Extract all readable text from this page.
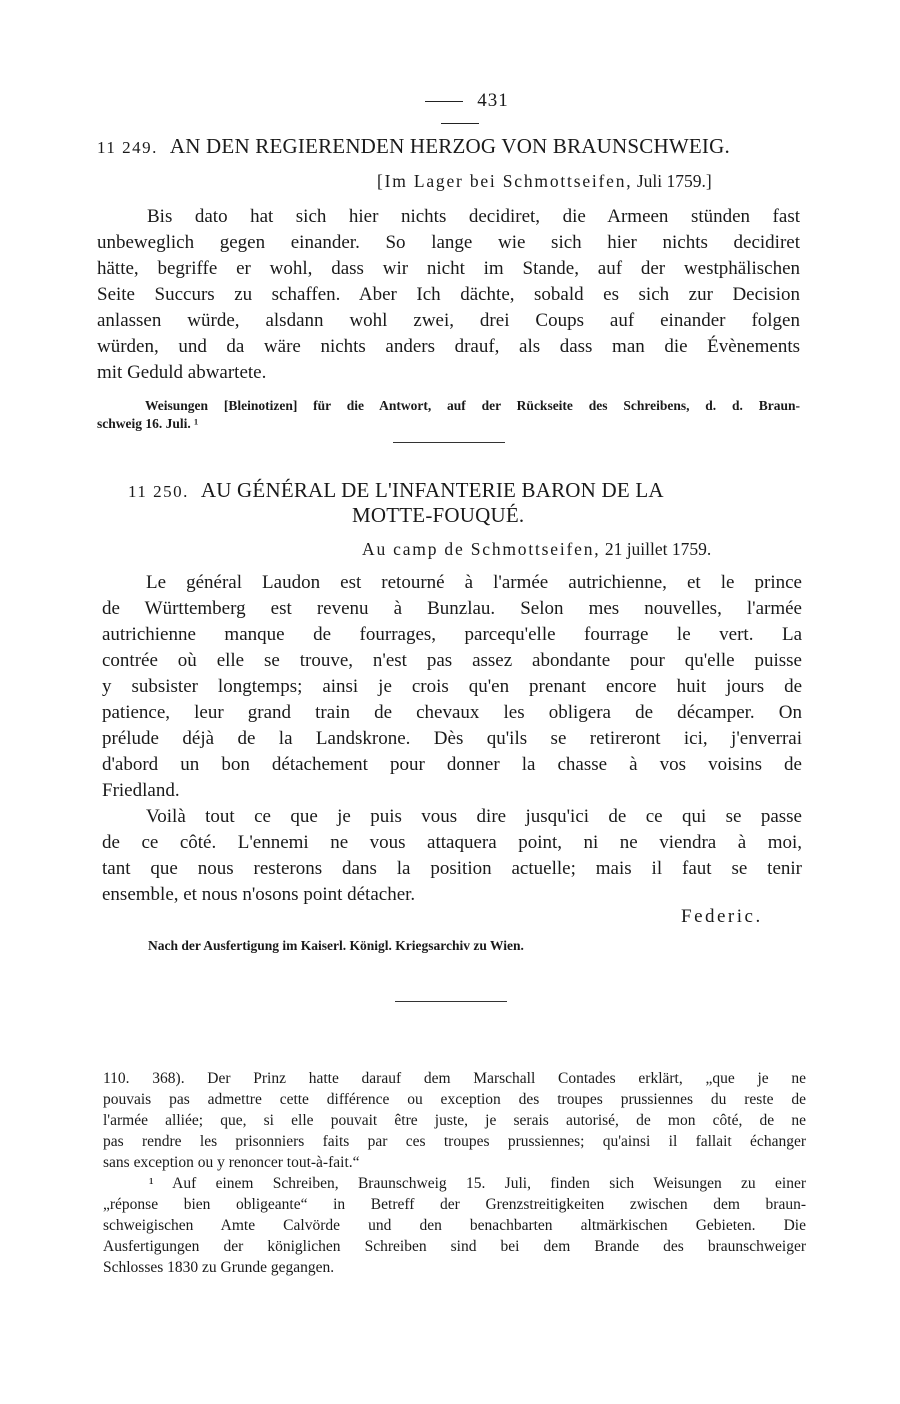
431
11 249. AN DEN REGIERENDEN HERZOG VON BRAUNSCHWEIG.
[Im Lager bei Schmottseifen, Juli 1759.]
Bis dato hat sich hier nichts decidiret, die Armeen stünden fast
unbeweglich gegen einander. So lange wie sich hier nichts decidiret
hätte, begriffe er wohl, dass wir nicht im Stande, auf der westphälischen
Seite Succurs zu schaffen. Aber Ich dächte, sobald es sich zur Decision
anlassen würde, alsdann wohl zwei, drei Coups auf einander folgen
würden, und da wäre nichts anders drauf, als dass man die Évènements
mit Geduld abwartete.
Weisungen [Bleinotizen] für die Antwort, auf der Rückseite des Schreibens, d. d. Braun-
schweig 16. Juli. ¹
11 250. AU GÉNÉRAL DE L'INFANTERIE BARON DE LA
MOTTE-FOUQUÉ.
Au camp de Schmottseifen, 21 juillet 1759.
Le général Laudon est retourné à l'armée autrichienne, et le prince
de Württemberg est revenu à Bunzlau. Selon mes nouvelles, l'armée
autrichienne manque de fourrages, parcequ'elle fourrage le vert. La
contrée où elle se trouve, n'est pas assez abondante pour qu'elle puisse
y subsister longtemps; ainsi je crois qu'en prenant encore huit jours de
patience, leur grand train de chevaux les obligera de décamper. On
prélude déjà de la Landskrone. Dès qu'ils se retireront ici, j'enverrai
d'abord un bon détachement pour donner la chasse à vos voisins de
Friedland.
Voilà tout ce que je puis vous dire jusqu'ici de ce qui se passe
de ce côté. L'ennemi ne vous attaquera point, ni ne viendra à moi,
tant que nous resterons dans la position actuelle; mais il faut se tenir
ensemble, et nous n'osons point détacher.
Federic.
Nach der Ausfertigung im Kaiserl. Königl. Kriegsarchiv zu Wien.
110. 368). Der Prinz hatte darauf dem Marschall Contades erklärt, „que je ne
pouvais pas admettre cette différence ou exception des troupes prussiennes du reste de
l'armée alliée; que, si elle pouvait être juste, je serais autorisé, de mon côté, de ne
pas rendre les prisonniers faits par ces troupes prussiennes; qu'ainsi il fallait échanger
sans exception ou y renoncer tout-à-fait.“
¹ Auf einem Schreiben, Braunschweig 15. Juli, finden sich Weisungen zu einer
„réponse bien obligeante“ in Betreff der Grenzstreitigkeiten zwischen dem braun-
schweigischen Amte Calvörde und den benachbarten altmärkischen Gebieten. Die
Ausfertigungen der königlichen Schreiben sind bei dem Brande des braunschweiger
Schlosses 1830 zu Grunde gegangen.
